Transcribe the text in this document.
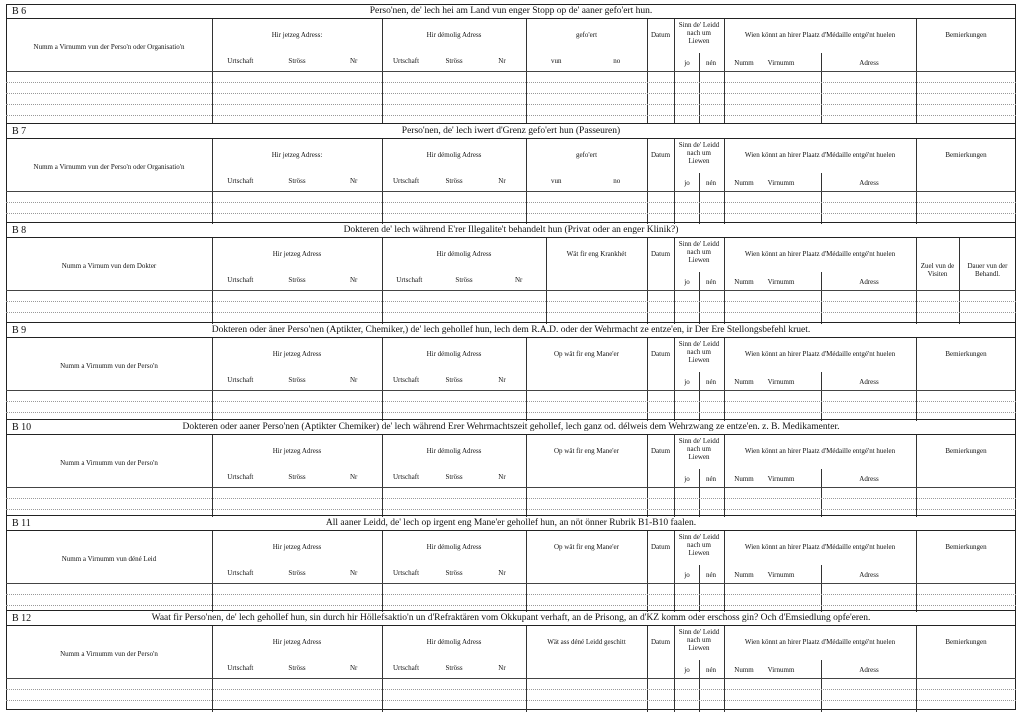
B 6	Perso'nen, de' lech hei am Land vun enger Stopp op de' aaner gefo'ert hun.
Numm a Virnumm vun der Perso'n oder Organisatio'n
Hir jetzeg Adress:	Hir démolig Adress
Urtschaft	Urtschaft
Ströss	Ströss
Nr	Nr
gefo'ert
vun	no
Datum
Sinn de' Leidd nach um Liewen
jo	nén
Wien könnt an hirer Plaatz d'Médaille entgé'nt huelen
Numm	Virnumm	Adress
Bemierkungen
B 7	Perso'nen, de' lech iwert d'Grenz gefo'ert hun (Passeuren)
Numm a Virnumm vun der Perso'n oder Organisatio'n
Hir jetzeg Adress:	Hir démolig Adress
Urtschaft	Urtschaft
Ströss	Ströss
Nr	Nr
gefo'ert
vun	no
Datum
Sinn de' Leidd nach um Liewen
jo	nén
Wien könnt an hirer Plaatz d'Médaille entgé'nt huelen
Numm	Virnumm	Adress
Bemierkungen
B 8	Dokteren de' lech während E'rer Illegalite't behandelt hun (Privat oder an enger Klinik?)
Numm a Virnum vun dem Dokter
Hir jetzeg Adress	Hir démolig Adress
Urtschaft	Urtschaft
Ströss	Ströss
Nr	Nr
Wät fir eng Krankhét	Datum
Sinn de' Leidd nach um Liewen
jo	nén
Wien könnt an hirer Plaatz d'Médaille entgé'nt huelen
Numm	Virnumm	Adress
Zuel vun de Visiten
Dauer vun der Behandl.
B 9	Dokteren oder äner Perso'nen (Aptikter, Chemiker,) de' lech gehollef hun, lech dem R.A.D. oder der Wehrmacht ze entze'en, ir Der Ere Stellongsbefehl kruet.
Numm a Virnumm vun der Perso'n
Hir jetzeg Adress	Hir démolig Adress
Urtschaft	Urtschaft
Ströss	Ströss
Nr	Nr
Op wät fir eng Mane'er	Datum
Sinn de' Leidd nach um Liewen
jo	nén
Wien könnt an hirer Plaatz d'Médaille entgé'nt huelen
Numm	Virnumm	Adress
Bemierkungen
B 10	Dokteren oder aaner Perso'nen (Aptikter Chemiker) de' lech während Erer Wehrmachtszeit gehollef, lech ganz od. délweis dem Wehrzwang ze entze'en. z. B. Medikamenter.
Numm a Virnumm vun der Perso'n
Hir jetzeg Adress	Hir démolig Adress
Urtschaft	Urtschaft
Ströss	Ströss
Nr	Nr
Op wät fir eng Mane'er	Datum
Sinn de' Leidd nach um Liewen
jo	nén
Wien könnt an hirer Plaatz d'Médaille entgé'nt huelen
Numm	Virnumm	Adress
Bemierkungen
B 11	All aaner Leidd, de' lech op irgent eng Mane'er gehollef hun, an nöt önner Rubrik B1-B10 faalen.
Numm a Virnumm vun déné Leid
Hir jetzeg Adress	Hir démolig Adress
Urtschaft	Urtschaft
Ströss	Ströss
Nr	Nr
Op wät fir eng Mane'er	Datum
Sinn de' Leidd nach um Liewen
jo	nén
Wien könnt an hirer Plaatz d'Médaille entgé'nt huelen
Numm	Virnumm	Adress
Bemierkungen
B 12	Waat fir Perso'nen, de' lech gehollef hun, sin durch hir Höllefsaktio'n un d'Refraktären vom Okkupant verhaft, an de Prisong, an d'KZ komm oder erschoss gin? Och d'Emsiedlung opfe'eren.
Numm a Virnumm vun der Perso'n
Hir jetzeg Adress	Hir démolig Adress
Urtschaft	Urtschaft
Ströss	Ströss
Nr	Nr
Wät ass déné Leidd geschitt	Datum
Sinn de' Leidd nach um Liewen
jo	nén
Wien könnt an hirer Plaatz d'Médaille entgé'nt huelen
Numm	Virnumm	Adress
Bemierkungen
